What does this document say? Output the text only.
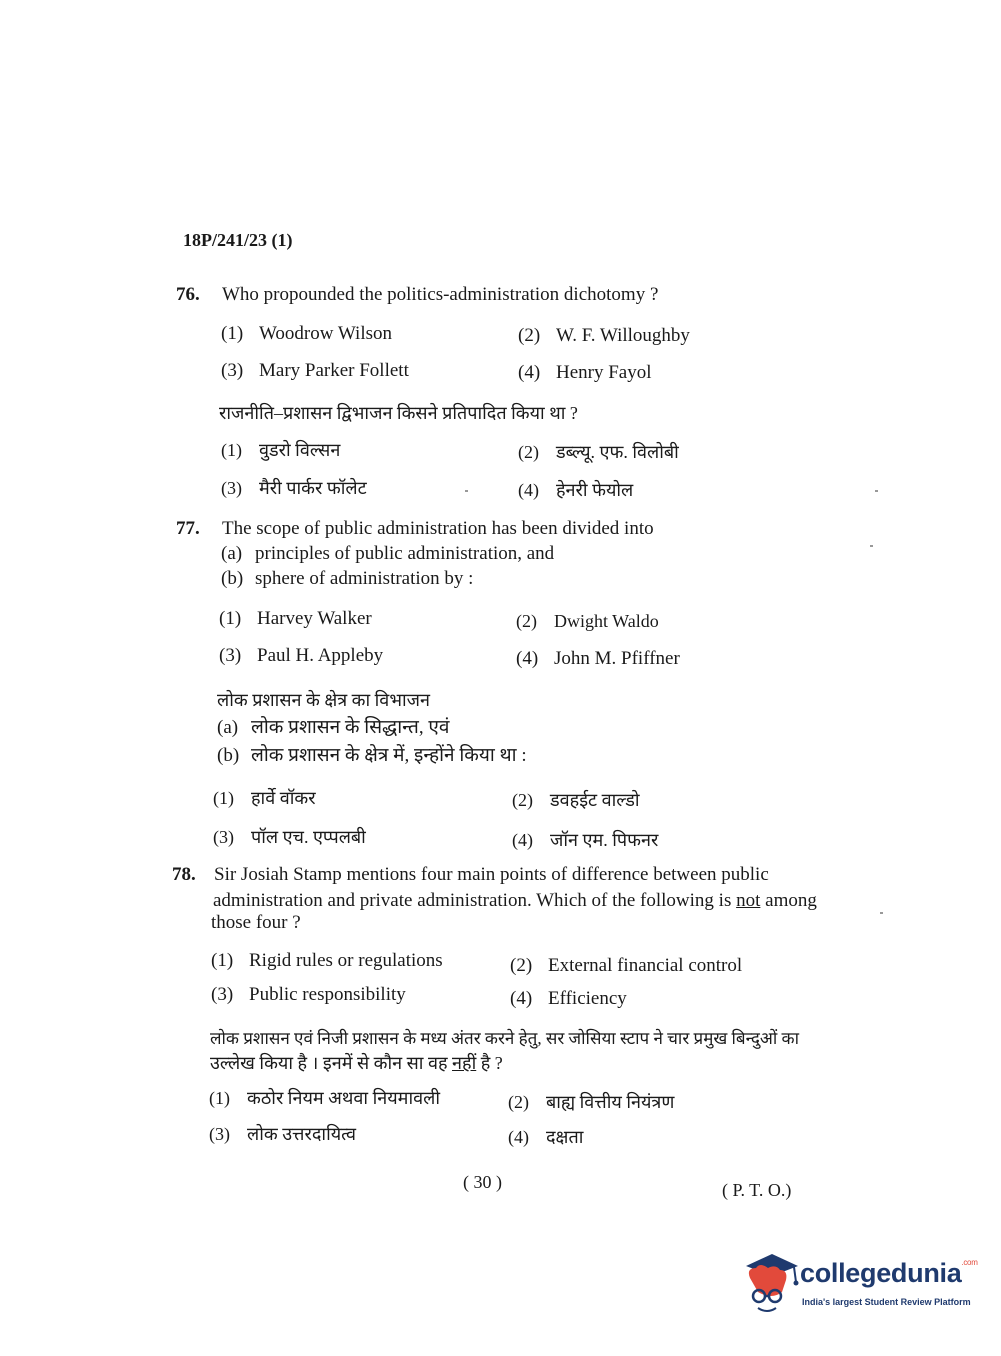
18P/241/23 (1)
76. Who propounded the politics-administration dichotomy ?
(1) Woodrow Wilson	(2) W. F. Willoughby
(3) Mary Parker Follett	(4) Henry Fayol
राजनीति–प्रशासन द्विभाजन किसने प्रतिपादित किया था ?
(1) वुडरो विल्सन	(2) डब्ल्यू. एफ. विलोबी
(3) मैरी पार्कर फॉलेट	(4) हेनरी फेयोल
77. The scope of public administration has been divided into
(a) principles of public administration, and
(b) sphere of administration by :
(1) Harvey Walker	(2) Dwight Waldo
(3) Paul H. Appleby	(4) John M. Pfiffner
लोक प्रशासन के क्षेत्र का विभाजन
(a) लोक प्रशासन के सिद्धान्त, एवं
(b) लोक प्रशासन के क्षेत्र में, इन्होंने किया था :
(1) हार्वे वॉकर	(2) डवहईट वाल्डो
(3) पॉल एच. एप्पलबी	(4) जॉन एम. पिफनर
78. Sir Josiah Stamp mentions four main points of difference between public
administration and private administration. Which of the following is not among
those four ?
(1) Rigid rules or regulations	(2) External financial control
(3) Public responsibility	(4) Efficiency
लोक प्रशासन एवं निजी प्रशासन के मध्य अंतर करने हेतु, सर जोसिया स्टाप ने चार प्रमुख बिन्दुओं का
उल्लेख किया है । इनमें से कौन सा वह नहीं है ?
(1) कठोर नियम अथवा नियमावली	(2) बाह्य वित्तीय नियंत्रण
(3) लोक उत्तरदायित्व	(4) दक्षता
( 30 )	( P. T. O.)
collegedunia$^{.com}$
India's largest Student Review Platform
